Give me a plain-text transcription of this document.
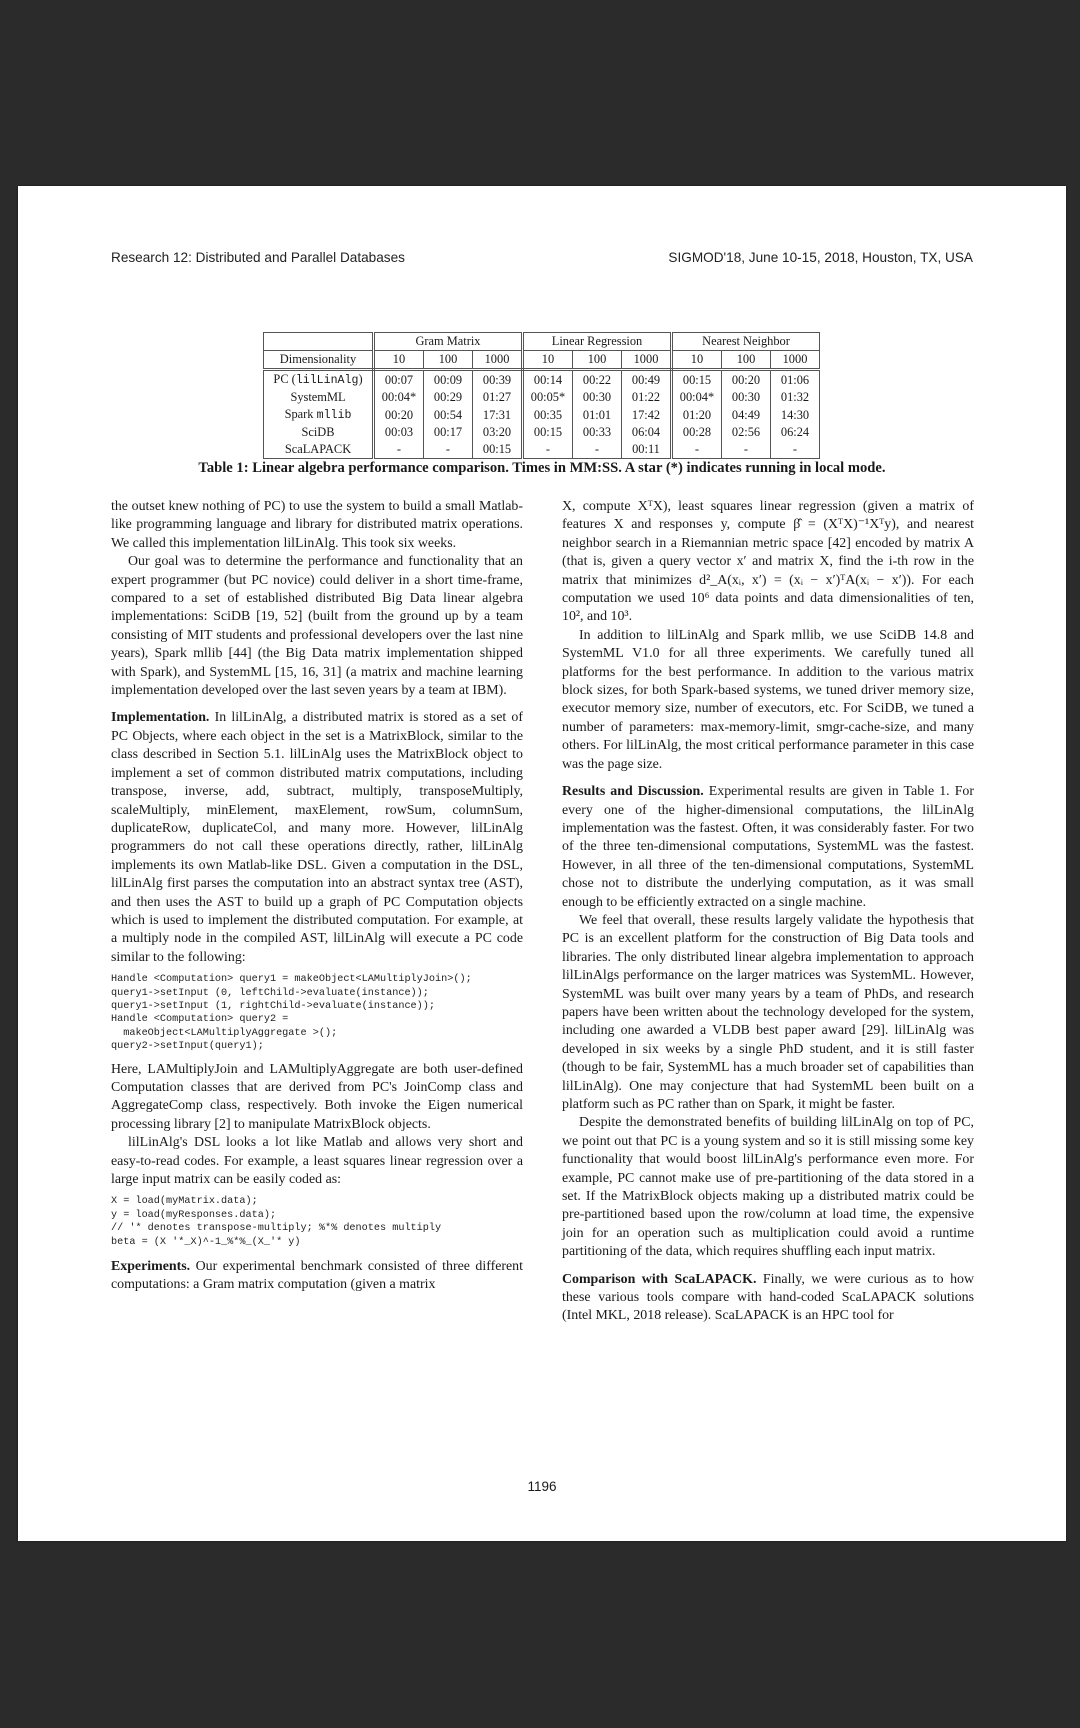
Research 12: Distributed and Parallel Databases	SIGMOD'18, June 10-15, 2018, Houston, TX, USA
	Gram Matrix			Linear Regression			Nearest Neighbor		
Dimensionality	10	100	1000	10	100	1000	10	100	1000
PC (lilLinAlg)	00:07	00:09	00:39	00:14	00:22	00:49	00:15	00:20	01:06
SystemML	00:04*	00:29	01:27	00:05*	00:30	01:22	00:04*	00:30	01:32
Spark mllib	00:20	00:54	17:31	00:35	01:01	17:42	01:20	04:49	14:30
SciDB	00:03	00:17	03:20	00:15	00:33	06:04	00:28	02:56	06:24
ScaLAPACK	-	-	00:15	-	-	00:11	-	-	-
Table 1: Linear algebra performance comparison. Times in MM:SS. A star (*) indicates running in local mode.

the outset knew nothing of PC) to use the system to build a small Matlab-like programming language and library for distributed matrix operations. We called this implementation lilLinAlg. This took six weeks.

Our goal was to determine the performance and functionality that an expert programmer (but PC novice) could deliver in a short time-frame, compared to a set of established distributed Big Data linear algebra implementations: SciDB [19, 52] (built from the ground up by a team consisting of MIT students and professional developers over the last nine years), Spark mllib [44] (the Big Data matrix implementation shipped with Spark), and SystemML [15, 16, 31] (a matrix and machine learning implementation developed over the last seven years by a team at IBM).

Implementation. In lilLinAlg, a distributed matrix is stored as a set of PC Objects, where each object in the set is a MatrixBlock, similar to the class described in Section 5.1. lilLinAlg uses the MatrixBlock object to implement a set of common distributed matrix computations, including transpose, inverse, add, subtract, multiply, transposeMultiply, scaleMultiply, minElement, maxElement, rowSum, columnSum, duplicateRow, duplicateCol, and many more. However, lilLinAlg programmers do not call these operations directly, rather, lilLinAlg implements its own Matlab-like DSL. Given a computation in the DSL, lilLinAlg first parses the computation into an abstract syntax tree (AST), and then uses the AST to build up a graph of PC Computation objects which is used to implement the distributed computation. For example, at a multiply node in the compiled AST, lilLinAlg will execute a PC code similar to the following:

Handle <Computation> query1 = makeObject<LAMultiplyJoin>();
query1->setInput (0, leftChild->evaluate(instance));
query1->setInput (1, rightChild->evaluate(instance));
Handle <Computation> query2 =
makeObject<LAMultiplyAggregate >();
query2->setInput(query1);

Here, LAMultiplyJoin and LAMultiplyAggregate are both user-defined Computation classes that are derived from PC's JoinComp class and AggregateComp class, respectively. Both invoke the Eigen numerical processing library [2] to manipulate MatrixBlock objects.

lilLinAlg's DSL looks a lot like Matlab and allows very short and easy-to-read codes. For example, a least squares linear regression over a large input matrix can be easily coded as:

X = load(myMatrix.data);
y = load(myResponses.data);
// '* denotes transpose-multiply; %*% denotes multiply
beta = (X '*_X)^-1_%*%_(X_'* y)

Experiments. Our experimental benchmark consisted of three different computations: a Gram matrix computation (given a matrix

X, compute XᵀX), least squares linear regression (given a matrix of features X and responses y, compute β̂ = (XᵀX)⁻¹Xᵀy), and nearest neighbor search in a Riemannian metric space [42] encoded by matrix A (that is, given a query vector x′ and matrix X, find the i-th row in the matrix that minimizes d²_A(xᵢ, x′) = (xᵢ − x′)ᵀA(xᵢ − x′)). For each computation we used 10⁶ data points and data dimensionalities of ten, 10², and 10³.

In addition to lilLinAlg and Spark mllib, we use SciDB 14.8 and SystemML V1.0 for all three experiments. We carefully tuned all platforms for the best performance. In addition to the various matrix block sizes, for both Spark-based systems, we tuned driver memory size, executor memory size, number of executors, etc. For SciDB, we tuned a number of parameters: max-memory-limit, smgr-cache-size, and many others. For lilLinAlg, the most critical performance parameter in this case was the page size.

Results and Discussion. Experimental results are given in Table 1. For every one of the higher-dimensional computations, the lilLinAlg implementation was the fastest. Often, it was considerably faster. For two of the three ten-dimensional computations, SystemML was the fastest. However, in all three of the ten-dimensional computations, SystemML chose not to distribute the underlying computation, as it was small enough to be efficiently extracted on a single machine.

We feel that overall, these results largely validate the hypothesis that PC is an excellent platform for the construction of Big Data tools and libraries. The only distributed linear algebra implementation to approach lilLinAlgs performance on the larger matrices was SystemML. However, SystemML was built over many years by a team of PhDs, and research papers have been written about the technology developed for the system, including one awarded a VLDB best paper award [29]. lilLinAlg was developed in six weeks by a single PhD student, and it is still faster (though to be fair, SystemML has a much broader set of capabilities than lilLinAlg). One may conjecture that had SystemML been built on a platform such as PC rather than on Spark, it might be faster.

Despite the demonstrated benefits of building lilLinAlg on top of PC, we point out that PC is a young system and so it is still missing some key functionality that would boost lilLinAlg's performance even more. For example, PC cannot make use of pre-partitioning of the data stored in a set. If the MatrixBlock objects making up a distributed matrix could be pre-partitioned based upon the row/column at load time, the expensive join for an operation such as multiplication could avoid a runtime partitioning of the data, which requires shuffling each input matrix.

Comparison with ScaLAPACK. Finally, we were curious as to how these various tools compare with hand-coded ScaLAPACK solutions (Intel MKL, 2018 release). ScaLAPACK is an HPC tool for

1196
